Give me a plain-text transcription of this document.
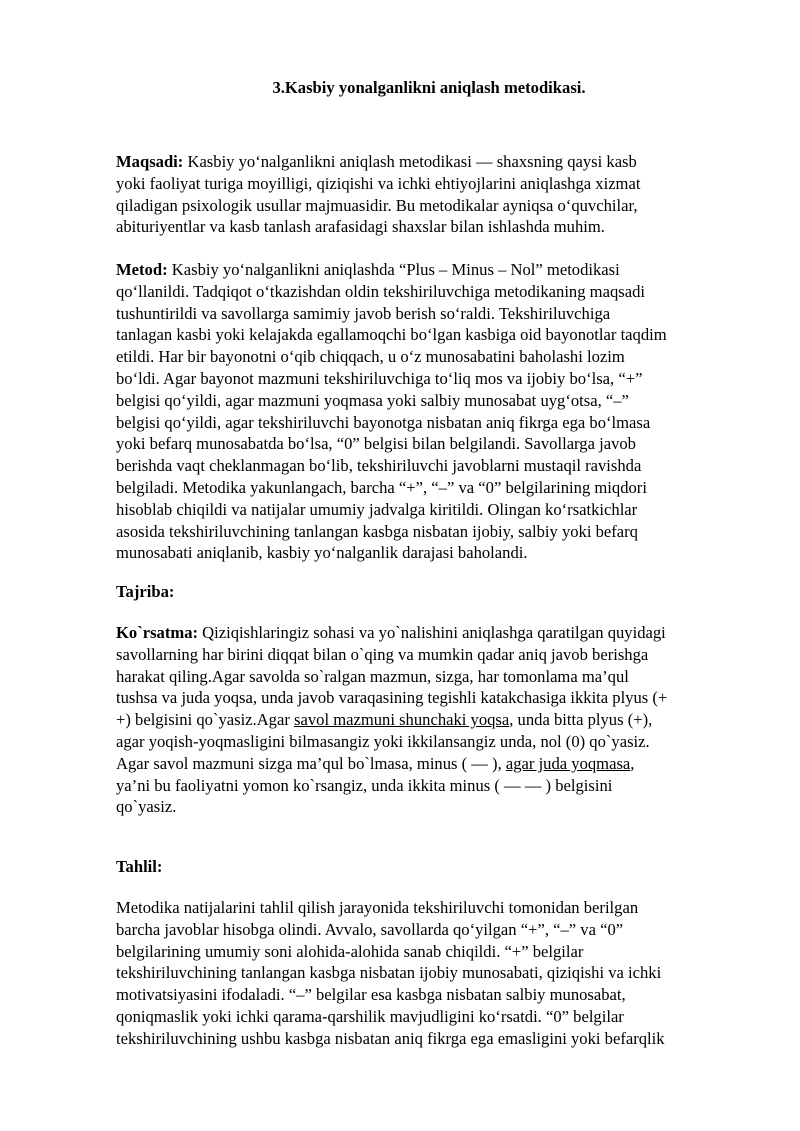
3.Kasbiy yonalganlikni aniqlash metodikasi.

Maqsadi: Kasbiy yo‘nalganlikni aniqlash metodikasi — shaxsning qaysi kasb
yoki faoliyat turiga moyilligi, qiziqishi va ichki ehtiyojlarini aniqlashga xizmat
qiladigan psixologik usullar majmuasidir. Bu metodikalar ayniqsa o‘quvchilar,
abituriyentlar va kasb tanlash arafasidagi shaxslar bilan ishlashda muhim.

Metod: Kasbiy yo‘nalganlikni aniqlashda “Plus – Minus – Nol” metodikasi
qo‘llanildi. Tadqiqot o‘tkazishdan oldin tekshiriluvchiga metodikaning maqsadi
tushuntirildi va savollarga samimiy javob berish so‘raldi. Tekshiriluvchiga
tanlagan kasbi yoki kelajakda egallamoqchi bo‘lgan kasbiga oid bayonotlar taqdim
etildi. Har bir bayonotni o‘qib chiqqach, u o‘z munosabatini baholashi lozim
bo‘ldi. Agar bayonot mazmuni tekshiriluvchiga to‘liq mos va ijobiy bo‘lsa, “+”
belgisi qo‘yildi, agar mazmuni yoqmasa yoki salbiy munosabat uyg‘otsa, “–”
belgisi qo‘yildi, agar tekshiriluvchi bayonotga nisbatan aniq fikrga ega bo‘lmasa
yoki befarq munosabatda bo‘lsa, “0” belgisi bilan belgilandi. Savollarga javob
berishda vaqt cheklanmagan bo‘lib, tekshiriluvchi javoblarni mustaqil ravishda
belgiladi. Metodika yakunlangach, barcha “+”, “–” va “0” belgilarining miqdori
hisoblab chiqildi va natijalar umumiy jadvalga kiritildi. Olingan ko‘rsatkichlar
asosida tekshiriluvchining tanlangan kasbga nisbatan ijobiy, salbiy yoki befarq
munosabati aniqlanib, kasbiy yo‘nalganlik darajasi baholandi.

Tajriba:

Ko`rsatma: Qiziqishlaringiz sohasi va yo`nalishini aniqlashga qaratilgan quyidagi
savollarning har birini diqqat bilan o`qing va mumkin qadar aniq javob berishga
harakat qiling.Agar savolda so`ralgan mazmun, sizga, har tomonlama ma’qul
tushsa va juda yoqsa, unda javob varaqasining tegishli katakchasiga ikkita plyus (+
+) belgisini qo`yasiz.Agar savol mazmuni shunchaki yoqsa, unda bitta plyus (+),
agar yoqish-yoqmasligini bilmasangiz yoki ikkilansangiz unda, nol (0) qo`yasiz.
Agar savol mazmuni sizga ma’qul bo`lmasa, minus ( — ), agar juda yoqmasa,
ya’ni bu faoliyatni yomon ko`rsangiz, unda ikkita minus ( — — ) belgisini
qo`yasiz.

Tahlil:

Metodika natijalarini tahlil qilish jarayonida tekshiriluvchi tomonidan berilgan
barcha javoblar hisobga olindi. Avvalo, savollarda qo‘yilgan “+”, “–” va “0”
belgilarining umumiy soni alohida-alohida sanab chiqildi. “+” belgilar
tekshiriluvchining tanlangan kasbga nisbatan ijobiy munosabati, qiziqishi va ichki
motivatsiyasini ifodaladi. “–” belgilar esa kasbga nisbatan salbiy munosabat,
qoniqmaslik yoki ichki qarama-qarshilik mavjudligini ko‘rsatdi. “0” belgilar
tekshiriluvchining ushbu kasbga nisbatan aniq fikrga ega emasligini yoki befarqlik
